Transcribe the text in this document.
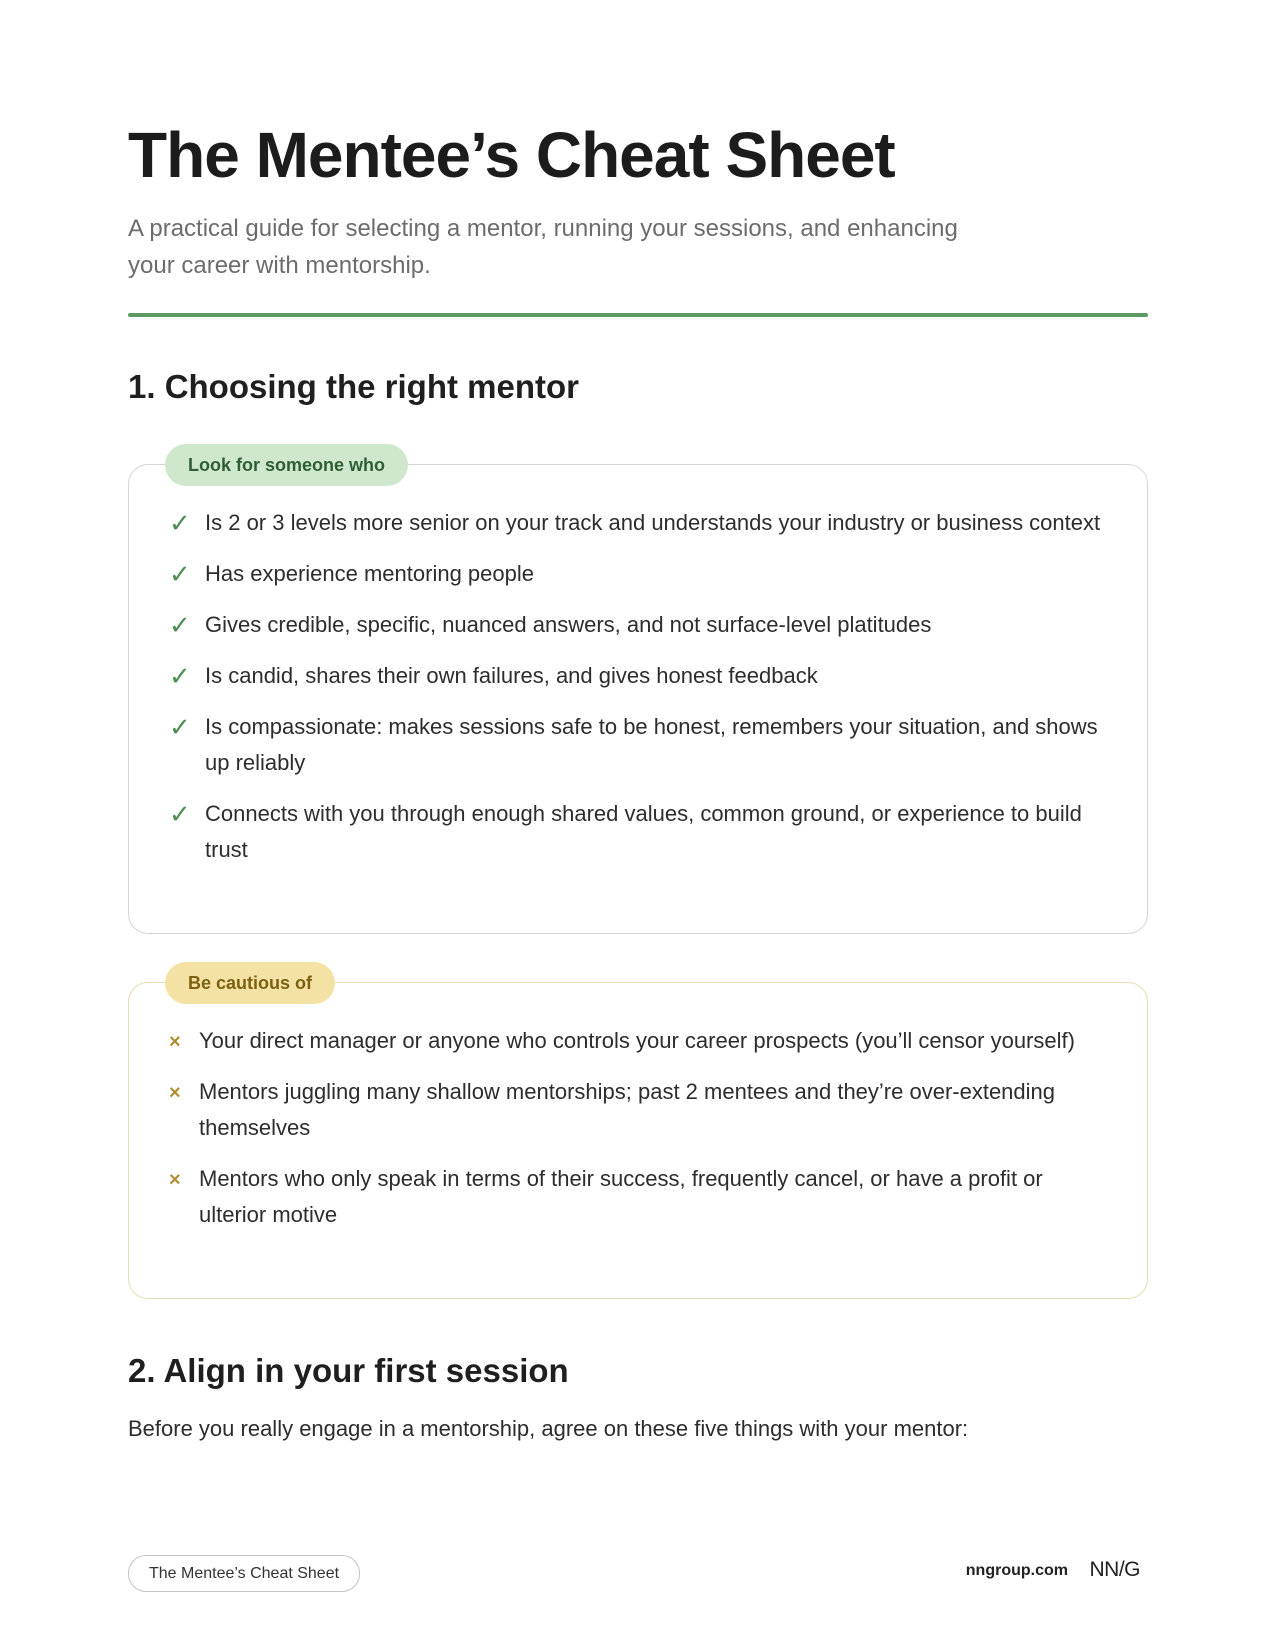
The Mentee’s Cheat Sheet

A practical guide for selecting a mentor, running your sessions, and enhancing your career with mentorship.

1. Choosing the right mentor
Look for someone who
✓ Is 2 or 3 levels more senior on your track and understands your industry or business context
✓ Has experience mentoring people
✓ Gives credible, specific, nuanced answers, and not surface-level platitudes
✓ Is candid, shares their own failures, and gives honest feedback
✓ Is compassionate: makes sessions safe to be honest, remembers your situation, and shows up reliably
✓ Connects with you through enough shared values, common ground, or experience to build trust
Be cautious of
× Your direct manager or anyone who controls your career prospects (you’ll censor yourself)
× Mentors juggling many shallow mentorships; past 2 mentees and they’re over-extending themselves
× Mentors who only speak in terms of their success, frequently cancel, or have a profit or ulterior motive
2. Align in your first session

Before you really engage in a mentorship, agree on these five things with your mentor:

The Mentee’s Cheat Sheet	nngroup.com NN/G
